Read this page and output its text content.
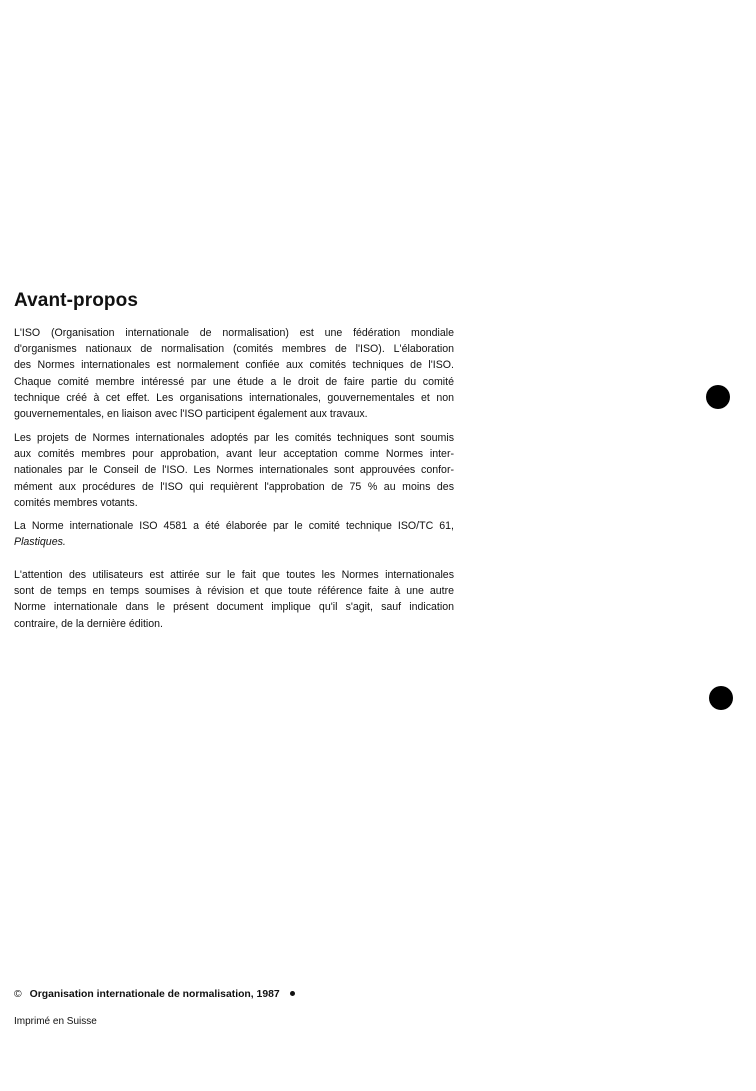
Avant-propos
L'ISO (Organisation internationale de normalisation) est une fédération mondiale
d'organismes nationaux de normalisation (comités membres de l'ISO). L'élaboration
des Normes internationales est normalement confiée aux comités techniques de l'ISO.
Chaque comité membre intéressé par une étude a le droit de faire partie du comité
technique créé à cet effet. Les organisations internationales, gouvernementales et non
gouvernementales, en liaison avec l'ISO participent également aux travaux.
Les projets de Normes internationales adoptés par les comités techniques sont soumis
aux comités membres pour approbation, avant leur acceptation comme Normes inter-
nationales par le Conseil de l'ISO. Les Normes internationales sont approuvées confor-
mément aux procédures de l'ISO qui requièrent l'approbation de 75 % au moins des
comités membres votants.
La Norme internationale ISO 4581 a été élaborée par le comité technique ISO/TC 61,
Plastiques.
L'attention des utilisateurs est attirée sur le fait que toutes les Normes internationales
sont de temps en temps soumises à révision et que toute référence faite à une autre
Norme internationale dans le présent document implique qu'il s'agit, sauf indication
contraire, de la dernière édition.
© Organisation internationale de normalisation, 1987
Imprimé en Suisse
